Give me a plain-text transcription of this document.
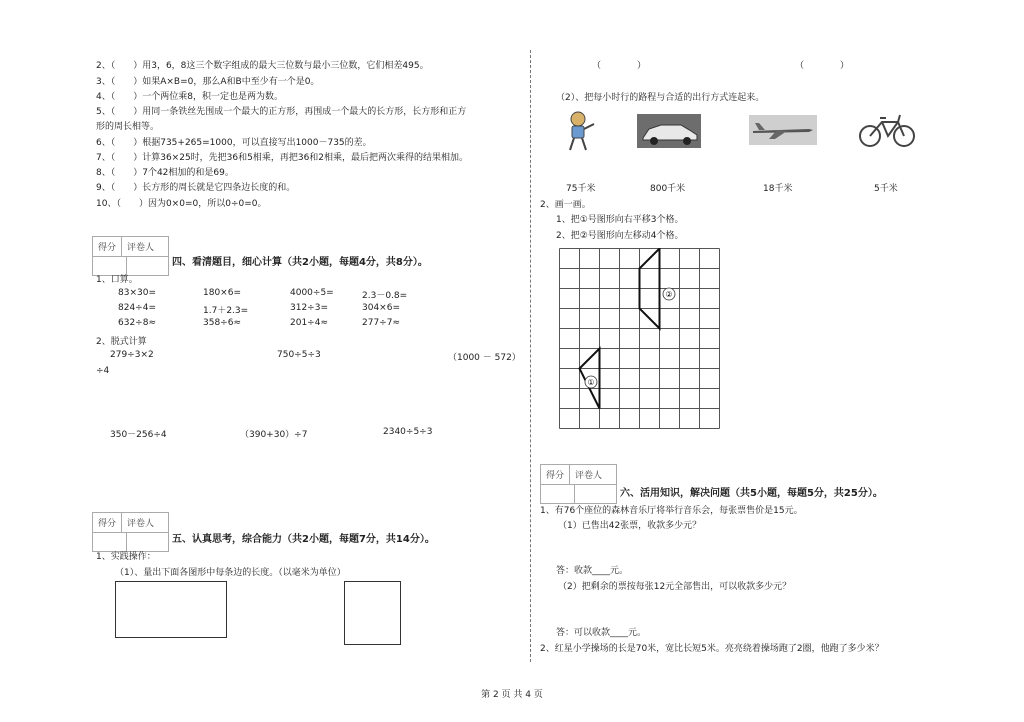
2、（　　）用3，6，8这三个数字组成的最大三位数与最小三位数，它们相差495。
3、（　　）如果A×B=0，那么A和B中至少有一个是0。
4、（　　）一个两位乘8，积一定也是两为数。
5、（　　）用同一条铁丝先围成一个最大的正方形，再围成一个最大的长方形，长方形和正方
形的周长相等。
6、（　　）根据735+265=1000，可以直接写出1000－735的差。
7、（　　）计算36×25时，先把36和5相乘，再把36和2相乘，最后把两次乘得的结果相加。
8、（　　）7个42相加的和是69。
9、（　　）长方形的周长就是它四条边长度的和。
10、（　　）因为0×0=0，所以0÷0=0。
得分	评卷人
四、看清题目，细心计算（共2小题，每题4分，共8分）。
1、口算。
83×30=	180×6=	4000÷5=	2.3－0.8=
824÷4=	1.7＋2.3=	312÷3=	304×6=
632÷8≈	358÷6≈	201÷4≈	277÷7≈
2、脱式计算
279÷3×2	750÷5÷3	（1000 － 572）
÷4
350－256÷4	（390+30）÷7	2340÷5÷3
得分	评卷人
五、认真思考，综合能力（共2小题，每题7分，共14分）。
1、实践操作：
（1）、量出下面各图形中每条边的长度。（以毫米为单位）
（　　　　）	（　　　　）
（2）、把每小时行的路程与合适的出行方式连起来。
75千米	800千米	18千米	5千米
2、画一画。
1、把①号图形向右平移3个格。
2、把②号图形向左移动4个格。
②
①
得分	评卷人
六、活用知识，解决问题（共5小题，每题5分，共25分）。
1、有76个座位的森林音乐厅将举行音乐会，每张票售价是15元。
（1）已售出42张票，收款多少元？
答：收款____元。
（2）把剩余的票按每张12元全部售出，可以收款多少元？
答：可以收款____元。
2、红星小学操场的长是70米，宽比长短5米。亮亮绕着操场跑了2圈，他跑了多少米？
第 2 页 共 4 页
